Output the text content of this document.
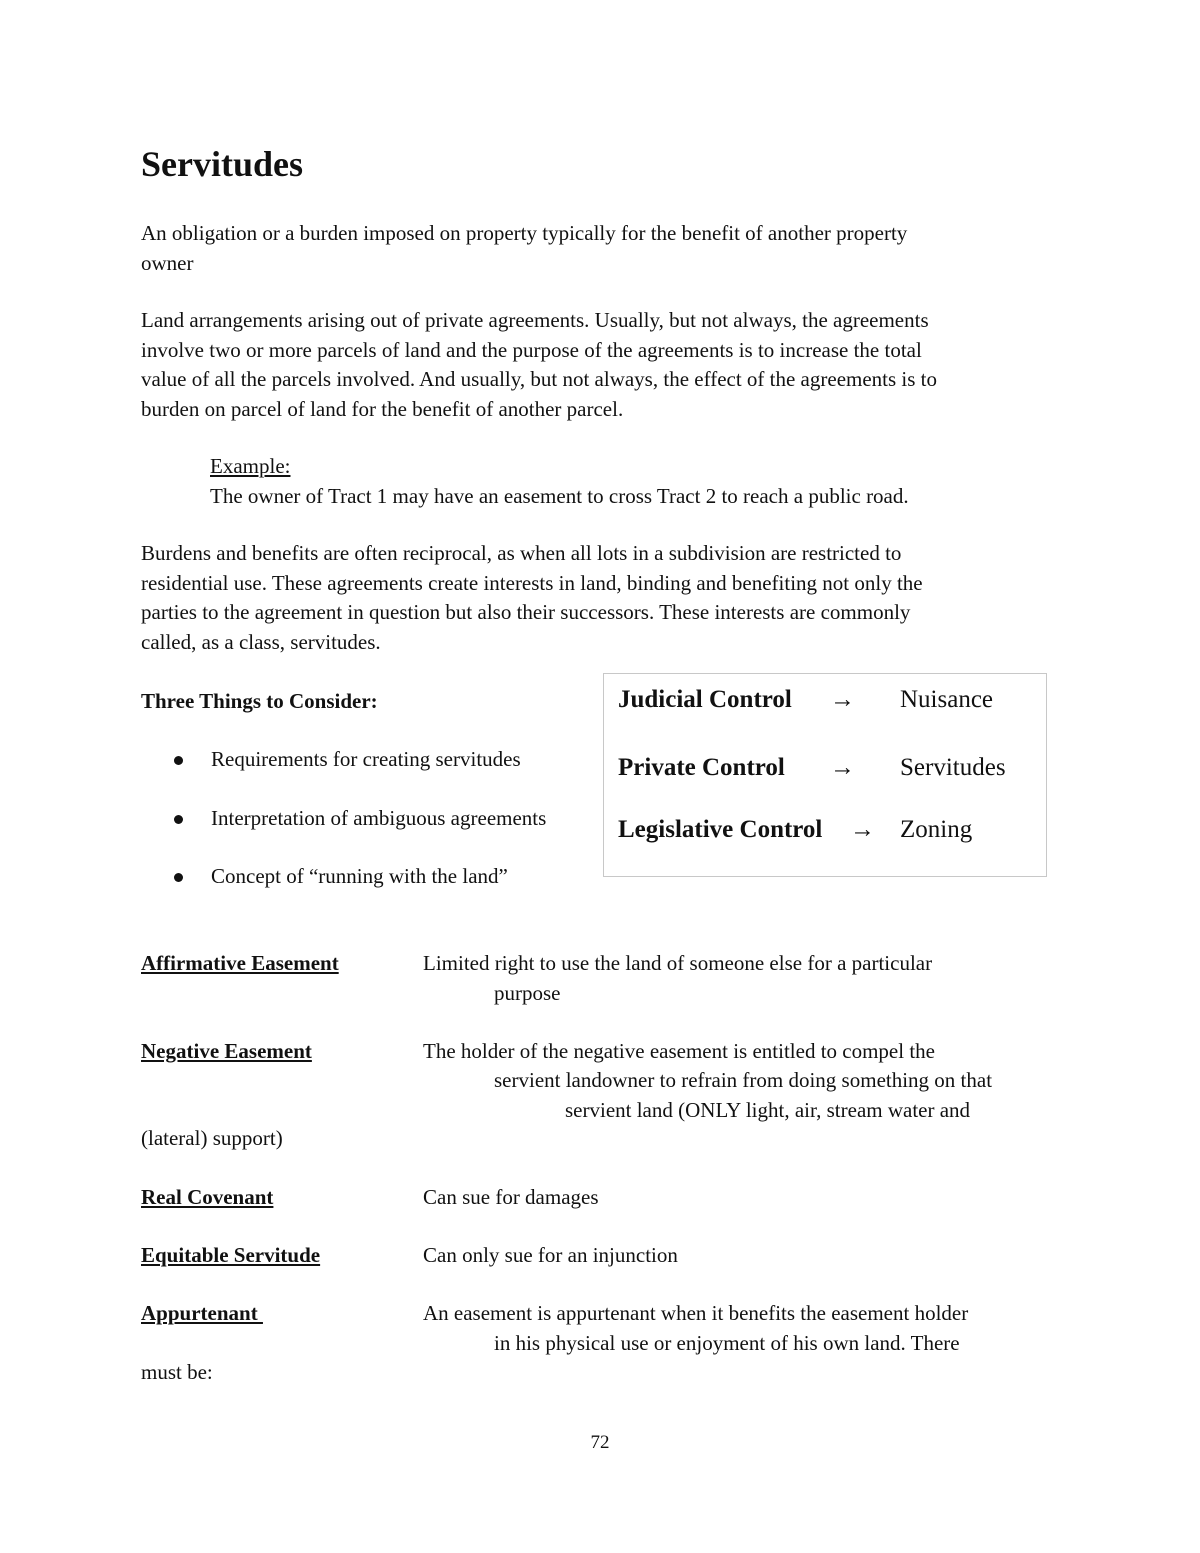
Servitudes
An obligation or a burden imposed on property typically for the benefit of another property
owner
Land arrangements arising out of private agreements. Usually, but not always, the agreements
involve two or more parcels of land and the purpose of the agreements is to increase the total
value of all the parcels involved. And usually, but not always, the effect of the agreements is to
burden on parcel of land for the benefit of another parcel.
Example:
The owner of Tract 1 may have an easement to cross Tract 2 to reach a public road.
Burdens and benefits are often reciprocal, as when all lots in a subdivision are restricted to
residential use. These agreements create interests in land, binding and benefiting not only the
parties to the agreement in question but also their successors. These interests are commonly
called, as a class, servitudes.
Three Things to Consider:
Requirements for creating servitudes
Interpretation of ambiguous agreements
Concept of “running with the land”
Judicial Control → Nuisance
Private Control → Servitudes
Legislative Control → Zoning
Affirmative Easement	Limited right to use the land of someone else for a particular
purpose
Negative Easement	The holder of the negative easement is entitled to compel the
servient landowner to refrain from doing something on that
servient land (ONLY light, air, stream water and
(lateral) support)
Real Covenant	Can sue for damages
Equitable Servitude	Can only sue for an injunction
Appurtenant	An easement is appurtenant when it benefits the easement holder
in his physical use or enjoyment of his own land. There
must be:
72
